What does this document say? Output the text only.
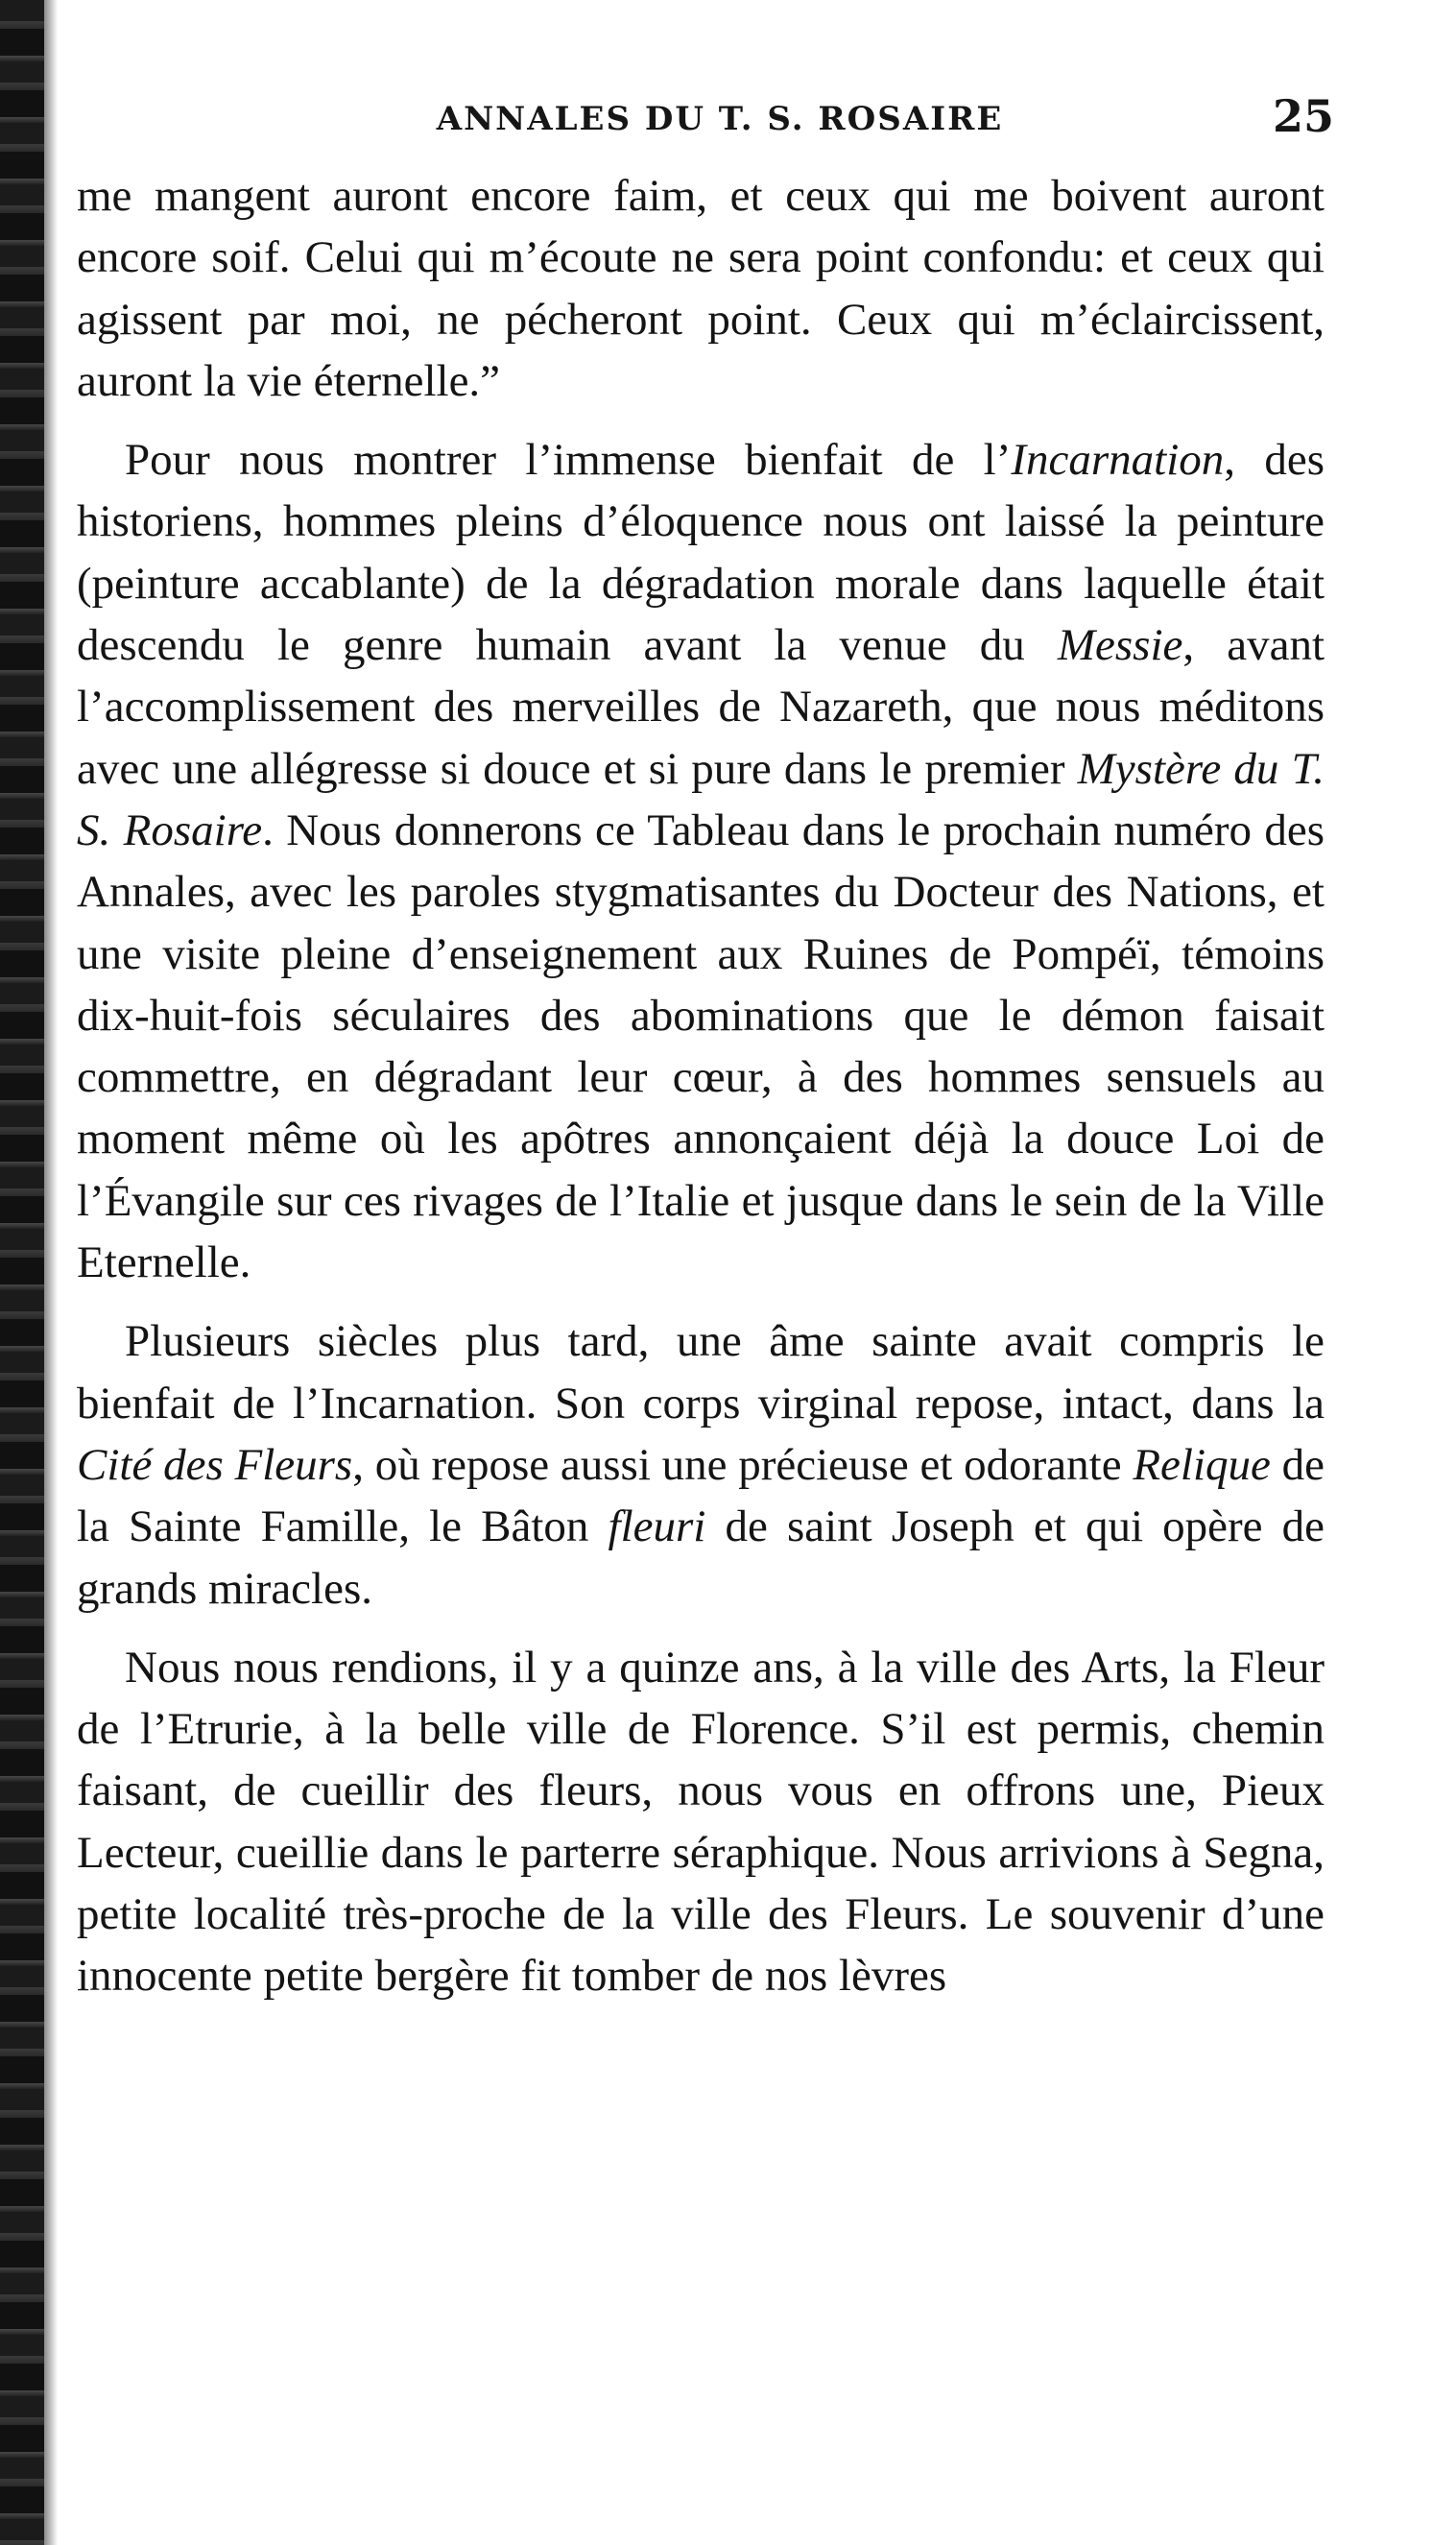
ANNALES DU T. S. ROSAIRE	25

me mangent auront encore faim, et ceux qui me boivent auront encore soif. Celui qui m’écoute ne sera point confondu: et ceux qui agissent par moi, ne pécheront point. Ceux qui m’éclaircissent, auront la vie éternelle.”

Pour nous montrer l’immense bienfait de l’Incarnation, des historiens, hommes pleins d’éloquence nous ont laissé la peinture (peinture accablante) de la dégradation morale dans laquelle était descendu le genre humain avant la venue du Messie, avant l’accomplissement des merveilles de Nazareth, que nous méditons avec une allégresse si douce et si pure dans le premier Mystère du T. S. Rosaire. Nous donnerons ce Tableau dans le prochain numéro des Annales, avec les paroles stygmatisantes du Docteur des Nations, et une visite pleine d’enseignement aux Ruines de Pompéï, témoins dix-huit-fois séculaires des abominations que le démon faisait commettre, en dégradant leur cœur, à des hommes sensuels au moment même où les apôtres annonçaient déjà la douce Loi de l’Évangile sur ces rivages de l’Italie et jusque dans le sein de la Ville Eternelle.

Plusieurs siècles plus tard, une âme sainte avait compris le bienfait de l’Incarnation. Son corps virginal repose, intact, dans la Cité des Fleurs, où repose aussi une précieuse et odorante Relique de la Sainte Famille, le Bâton fleuri de saint Joseph et qui opère de grands miracles.

Nous nous rendions, il y a quinze ans, à la ville des Arts, la Fleur de l’Etrurie, à la belle ville de Florence. S’il est permis, chemin faisant, de cueillir des fleurs, nous vous en offrons une, Pieux Lecteur, cueillie dans le parterre séraphique. Nous arrivions à Segna, petite localité très-proche de la ville des Fleurs. Le souvenir d’une innocente petite bergère fit tomber de nos lèvres
